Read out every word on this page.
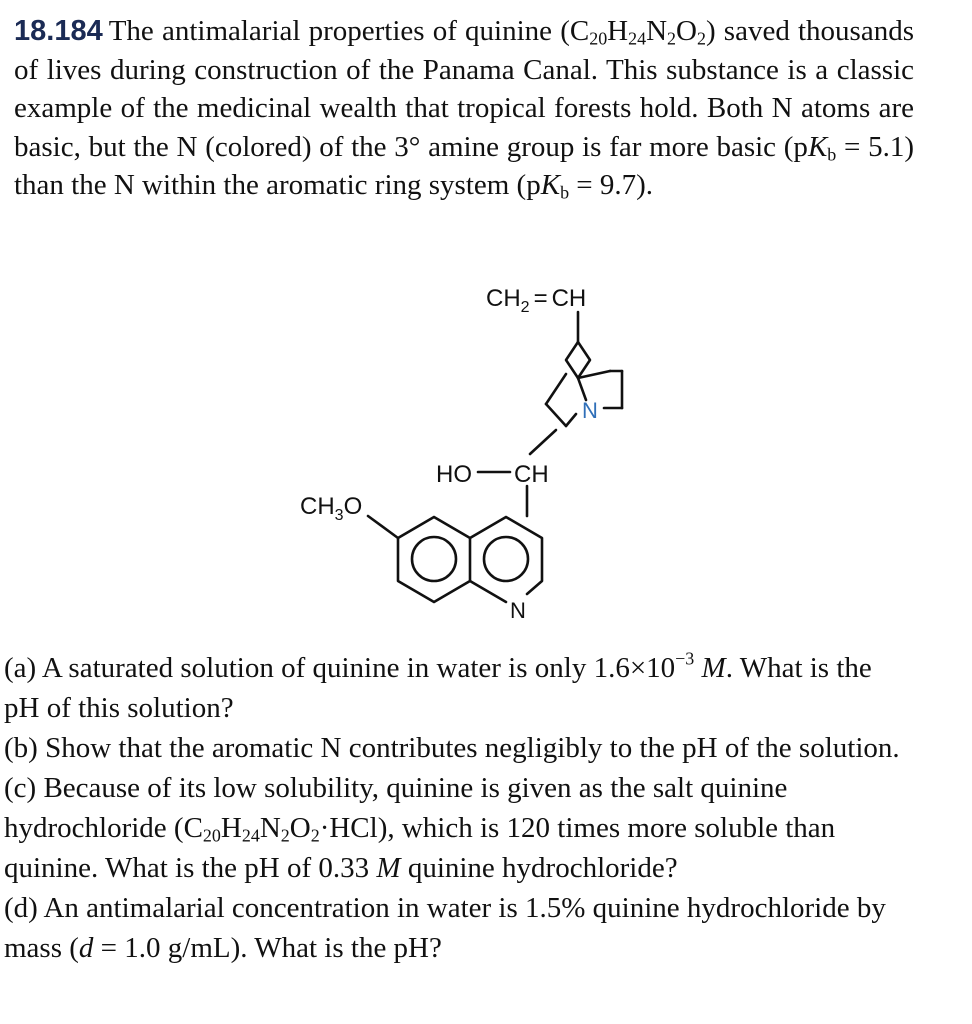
18.184 The antimalarial properties of quinine $(C_{20}H_{24}N_2O_2)$ saved thousands of lives during construction of the Panama Canal. This substance is a classic example of the medicinal wealth that tropical forests hold. Both N atoms are basic, but the N (colored) of the 3° amine group is far more basic $(pK_b = 5.1)$ than the N within the aromatic ring system $(pK_b = 9.7)$.
$CH_2$ = CH
N
HO CH
$CH_3O$
N

(a) A saturated solution of quinine in water is only $1.6\times 10^{-3}$ M. What is the pH of this solution?

(b) Show that the aromatic N contributes negligibly to the pH of the solution.

(c) Because of its low solubility, quinine is given as the salt quinine hydrochloride $(C_{20}H_{24}N_2O_2\cdot HCl)$, which is 120 times more soluble than quinine. What is the pH of 0.33 M quinine hydrochloride?

(d) An antimalarial concentration in water is 1.5% quinine hydrochloride by mass (d = 1.0 g/mL). What is the pH?
